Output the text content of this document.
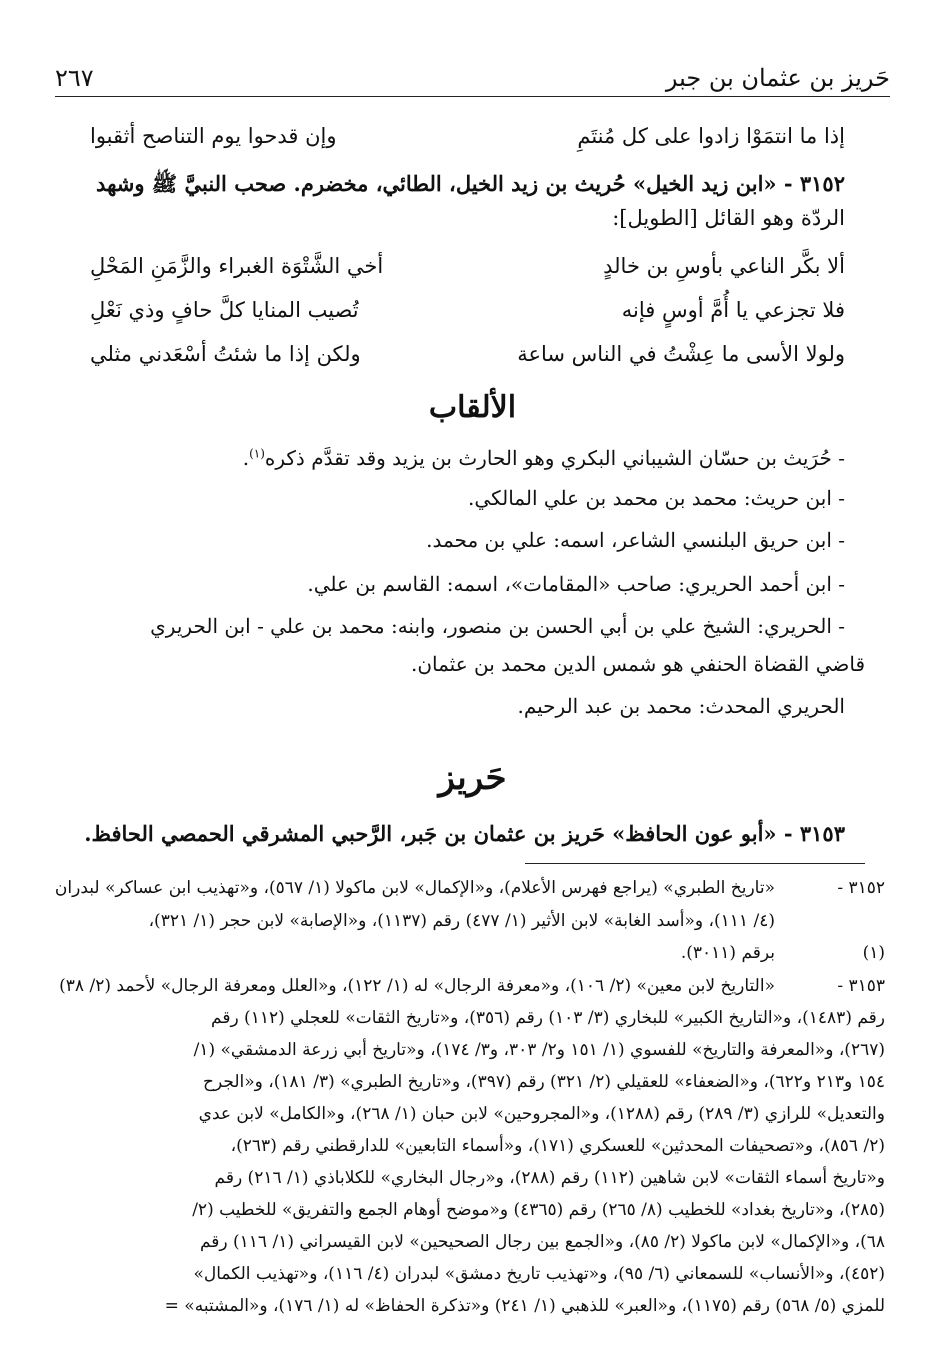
حَريز بن عثمان بن جبر
٢٦٧
إذا ما انتمَوْا زادوا على كل مُنتَمِ
وإن قدحوا يوم التناصح أثقبوا
٣١٥٢ - «ابن زيد الخيل» حُريث بن زيد الخيل، الطائي، مخضرم. صحب النبيَّ ﷺ وشهد
الردّة وهو القائل [الطويل]:
ألا بكَّر الناعي بأوسِ بن خالدٍ
أخي الشَّتْوَة الغبراء والزَّمَنِ المَحْلِ
فلا تجزعي يا أُمَّ أوسٍ فإنه
تُصيب المنايا كلَّ حافٍ وذي نَعْلِ
ولولا الأسى ما عِشْتُ في الناس ساعة
ولكن إذا ما شئتُ أسْعَدني مثلي
الألقاب
- حُرَيث بن حسّان الشيباني البكري وهو الحارث بن يزيد وقد تقدَّم ذكره$^{(١)}$.
- ابن حريث: محمد بن محمد بن علي المالكي.
- ابن حريق البلنسي الشاعر، اسمه: علي بن محمد.
- ابن أحمد الحريري: صاحب «المقامات»، اسمه: القاسم بن علي.
- الحريري: الشيخ علي بن أبي الحسن بن منصور، وابنه: محمد بن علي - ابن الحريري
قاضي القضاة الحنفي هو شمس الدين محمد بن عثمان.
الحريري المحدث: محمد بن عبد الرحيم.
حَريز
٣١٥٣ - «أبو عون الحافظ» حَريز بن عثمان بن جَبر، الرَّحبي المشرقي الحمصي الحافظ.
٣١٥٢ -
«تاريخ الطبري» (يراجع فهرس الأعلام)، و«الإكمال» لابن ماكولا (١/ ٥٦٧)، و«تهذيب ابن عساكر» لبدران
(٤/ ١١١)، و«أسد الغابة» لابن الأثير (١/ ٤٧٧) رقم (١١٣٧)، و«الإصابة» لابن حجر (١/ ٣٢١)،
(١)
برقم (٣٠١١).
٣١٥٣ -
«التاريخ لابن معين» (٢/ ١٠٦)، و«معرفة الرجال» له (١/ ١٢٢)، و«العلل ومعرفة الرجال» لأحمد (٢/ ٣٨)
رقم (١٤٨٣)، و«التاريخ الكبير» للبخاري (٣/ ١٠٣) رقم (٣٥٦)، و«تاريخ الثقات» للعجلي (١١٢) رقم
(٢٦٧)، و«المعرفة والتاريخ» للفسوي (١/ ١٥١ و٢/ ٣٠٣، و٣/ ١٧٤)، و«تاريخ أبي زرعة الدمشقي» (١/
١٥٤ و٢١٣ و٦٢٢)، و«الضعفاء» للعقيلي (٢/ ٣٢١) رقم (٣٩٧)، و«تاريخ الطبري» (٣/ ١٨١)، و«الجرح
والتعديل» للرازي (٣/ ٢٨٩) رقم (١٢٨٨)، و«المجروحين» لابن حبان (١/ ٢٦٨)، و«الكامل» لابن عدي
(٢/ ٨٥٦)، و«تصحيفات المحدثين» للعسكري (١٧١)، و«أسماء التابعين» للدارقطني رقم (٢٦٣)،
و«تاريخ أسماء الثقات» لابن شاهين (١١٢) رقم (٢٨٨)، و«رجال البخاري» للكلاباذي (١/ ٢١٦) رقم
(٢٨٥)، و«تاريخ بغداد» للخطيب (٨/ ٢٦٥) رقم (٤٣٦٥) و«موضح أوهام الجمع والتفريق» للخطيب (٢/
٦٨)، و«الإكمال» لابن ماكولا (٢/ ٨٥)، و«الجمع بين رجال الصحيحين» لابن القيسراني (١/ ١١٦) رقم
(٤٥٢)، و«الأنساب» للسمعاني (٦/ ٩٥)، و«تهذيب تاريخ دمشق» لبدران (٤/ ١١٦)، و«تهذيب الكمال»
للمزي (٥/ ٥٦٨) رقم (١١٧٥)، و«العبر» للذهبي (١/ ٢٤١) و«تذكرة الحفاظ» له (١/ ١٧٦)، و«المشتبه» =
